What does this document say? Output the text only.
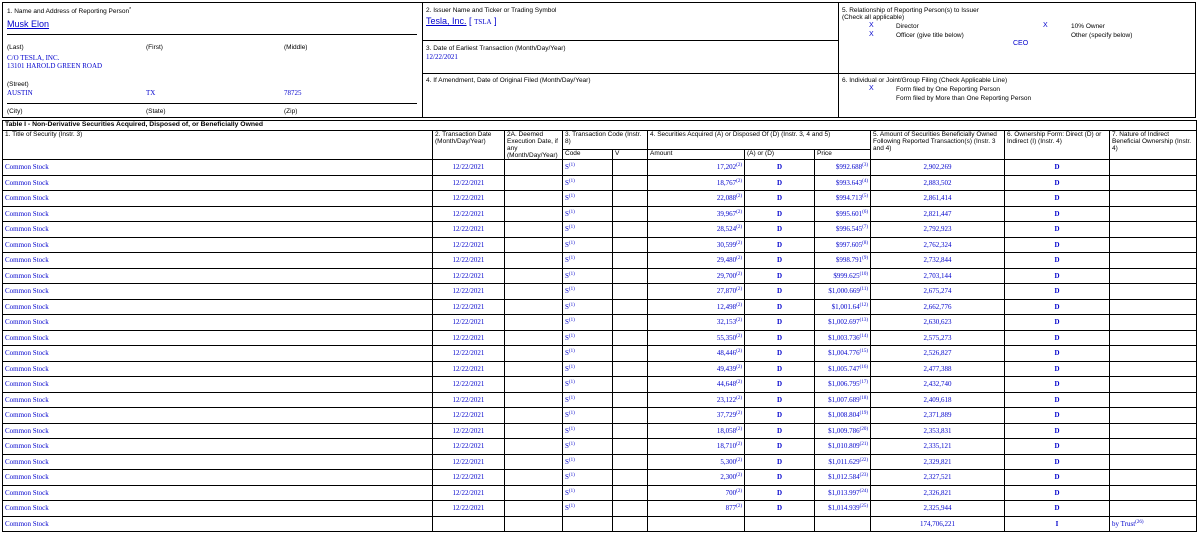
1. Name and Address of Reporting Person*
Musk Elon
(Last)	(First)	(Middle)
C/O TESLA, INC.
13101 HAROLD GREEN ROAD
(Street)
AUSTIN	TX	78725
(City)	(State)	(Zip)
2. Issuer Name and Ticker or Trading Symbol
Tesla, Inc. [ TSLA ]
3. Date of Earliest Transaction (Month/Day/Year)
12/22/2021
4. If Amendment, Date of Original Filed (Month/Day/Year)
5. Relationship of Reporting Person(s) to Issuer
(Check all applicable)
X	Director	X	10% Owner
X	Officer (give title below)	Other (specify below)
CEO
6. Individual or Joint/Group Filing (Check Applicable Line)
X	Form filed by One Reporting Person
Form filed by More than One Reporting Person
Table I - Non-Derivative Securities Acquired, Disposed of, or Beneficially Owned										
1. Title of Security (Instr. 3)	2. Transaction Date (Month/Day/Year)	2A. Deemed Execution Date, if any (Month/Day/Year)	3. Transaction Code (Instr. 8)		4. Securities Acquired (A) or Disposed Of (D) (Instr. 3, 4 and 5)			5. Amount of Securities Beneficially Owned Following Reported Transaction(s) (Instr. 3 and 4)	6. Ownership Form: Direct (D) or Indirect (I) (Instr. 4)	7. Nature of Indirect Beneficial Ownership (Instr. 4)
			Code	V	Amount	(A) or (D)	Price			
Common Stock	12/22/2021		$S^{(1)}$		17,202$^{(2)}$	D	$992.688$^{(3)}$	2,902,269	D	
Common Stock	12/22/2021		$S^{(1)}$		18,767$^{(2)}$	D	$993.643$^{(4)}$	2,883,502	D	
Common Stock	12/22/2021		$S^{(1)}$		22,088$^{(2)}$	D	$994.713$^{(5)}$	2,861,414	D	
Common Stock	12/22/2021		$S^{(1)}$		39,967$^{(2)}$	D	$995.601$^{(6)}$	2,821,447	D	
Common Stock	12/22/2021		$S^{(1)}$		28,524$^{(2)}$	D	$996.545$^{(7)}$	2,792,923	D	
Common Stock	12/22/2021		$S^{(1)}$		30,599$^{(2)}$	D	$997.605$^{(8)}$	2,762,324	D	
Common Stock	12/22/2021		$S^{(1)}$		29,480$^{(2)}$	D	$998.791$^{(9)}$	2,732,844	D	
Common Stock	12/22/2021		$S^{(1)}$		29,700$^{(2)}$	D	$999.625$^{(10)}$	2,703,144	D	
Common Stock	12/22/2021		$S^{(1)}$		27,870$^{(2)}$	D	$1,000.669$^{(11)}$	2,675,274	D	
Common Stock	12/22/2021		$S^{(1)}$		12,498$^{(2)}$	D	$1,001.64$^{(12)}$	2,662,776	D	
Common Stock	12/22/2021		$S^{(1)}$		32,153$^{(2)}$	D	$1,002.697$^{(13)}$	2,630,623	D	
Common Stock	12/22/2021		$S^{(1)}$		55,350$^{(2)}$	D	$1,003.736$^{(14)}$	2,575,273	D	
Common Stock	12/22/2021		$S^{(1)}$		48,446$^{(2)}$	D	$1,004.776$^{(15)}$	2,526,827	D	
Common Stock	12/22/2021		$S^{(1)}$		49,439$^{(2)}$	D	$1,005.747$^{(16)}$	2,477,388	D	
Common Stock	12/22/2021		$S^{(1)}$		44,648$^{(2)}$	D	$1,006.795$^{(17)}$	2,432,740	D	
Common Stock	12/22/2021		$S^{(1)}$		23,122$^{(2)}$	D	$1,007.689$^{(18)}$	2,409,618	D	
Common Stock	12/22/2021		$S^{(1)}$		37,729$^{(2)}$	D	$1,008.804$^{(19)}$	2,371,889	D	
Common Stock	12/22/2021		$S^{(1)}$		18,058$^{(2)}$	D	$1,009.786$^{(20)}$	2,353,831	D	
Common Stock	12/22/2021		$S^{(1)}$		18,710$^{(2)}$	D	$1,010.809$^{(21)}$	2,335,121	D	
Common Stock	12/22/2021		$S^{(1)}$		5,300$^{(2)}$	D	$1,011.629$^{(22)}$	2,329,821	D	
Common Stock	12/22/2021		$S^{(1)}$		2,300$^{(2)}$	D	$1,012.584$^{(23)}$	2,327,521	D	
Common Stock	12/22/2021		$S^{(1)}$		700$^{(2)}$	D	$1,013.997$^{(24)}$	2,326,821	D	
Common Stock	12/22/2021		$S^{(1)}$		877$^{(2)}$	D	$1,014.939$^{(25)}$	2,325,944	D	
Common Stock								174,706,221	I	by Trust$^{(26)}$
